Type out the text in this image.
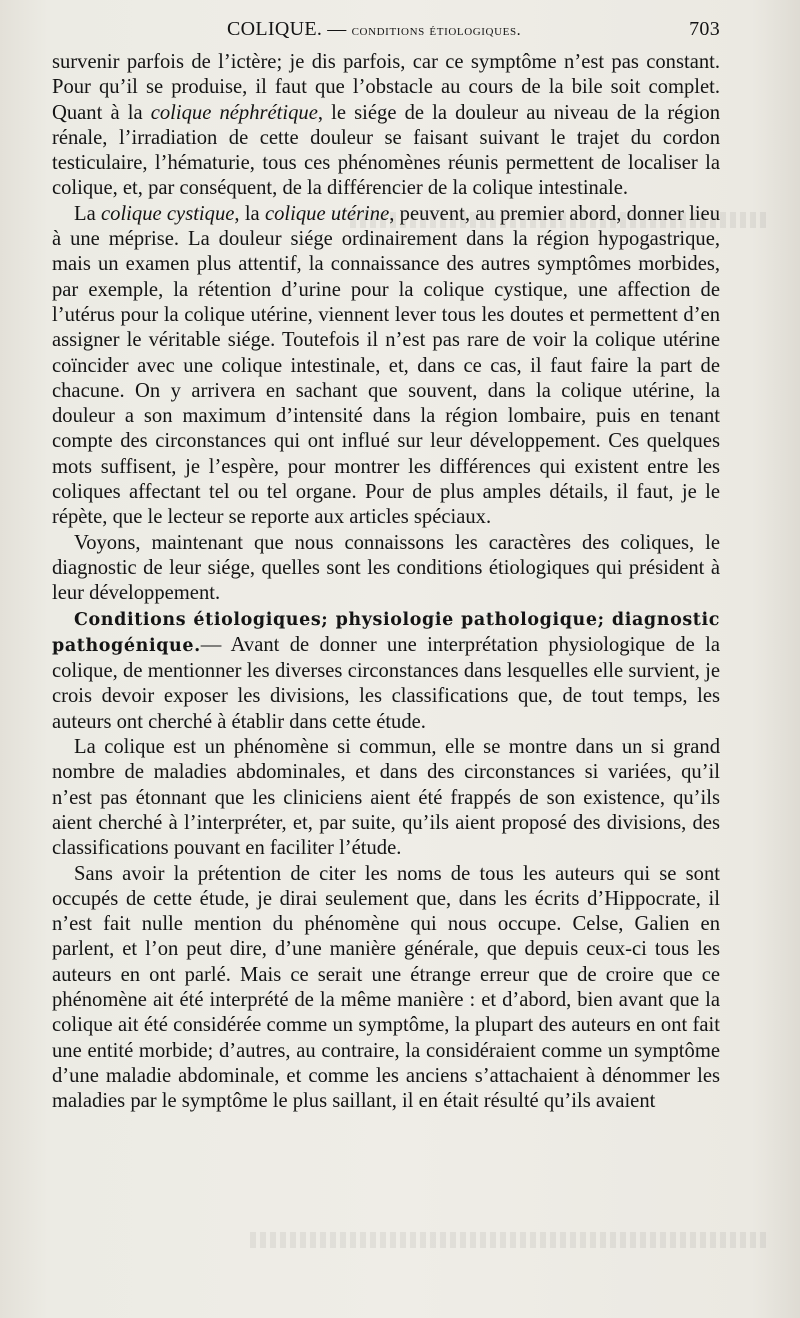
COLIQUE. — conditions étiologiques.	703

survenir parfois de l’ictère; je dis parfois, car ce symptôme n’est pas constant. Pour qu’il se produise, il faut que l’obstacle au cours de la bile soit complet. Quant à la colique néphrétique, le siége de la douleur au niveau de la région rénale, l’irradiation de cette douleur se faisant suivant le trajet du cordon testiculaire, l’hématurie, tous ces phénomènes réunis permettent de localiser la colique, et, par conséquent, de la différencier de la colique intestinale.

La colique cystique, la colique utérine, peuvent, au premier abord, donner lieu à une méprise. La douleur siége ordinairement dans la région hypogastrique, mais un examen plus attentif, la connaissance des autres symptômes morbides, par exemple, la rétention d’urine pour la colique cystique, une affection de l’utérus pour la colique utérine, viennent lever tous les doutes et permettent d’en assigner le véritable siége. Toutefois il n’est pas rare de voir la colique utérine coïncider avec une colique intestinale, et, dans ce cas, il faut faire la part de chacune. On y arrivera en sachant que souvent, dans la colique utérine, la douleur a son maximum d’intensité dans la région lombaire, puis en tenant compte des circonstances qui ont influé sur leur développement. Ces quelques mots suffisent, je l’espère, pour montrer les différences qui existent entre les coliques affectant tel ou tel organe. Pour de plus amples détails, il faut, je le répète, que le lecteur se reporte aux articles spéciaux.

Voyons, maintenant que nous connaissons les caractères des coliques, le diagnostic de leur siége, quelles sont les conditions étiologiques qui président à leur développement.

Conditions étiologiques; physiologie pathologique; diagnostic pathogénique.— Avant de donner une interprétation physiologique de la colique, de mentionner les diverses circonstances dans lesquelles elle survient, je crois devoir exposer les divisions, les classifications que, de tout temps, les auteurs ont cherché à établir dans cette étude.

La colique est un phénomène si commun, elle se montre dans un si grand nombre de maladies abdominales, et dans des circonstances si variées, qu’il n’est pas étonnant que les cliniciens aient été frappés de son existence, qu’ils aient cherché à l’interpréter, et, par suite, qu’ils aient proposé des divisions, des classifications pouvant en faciliter l’étude.

Sans avoir la prétention de citer les noms de tous les auteurs qui se sont occupés de cette étude, je dirai seulement que, dans les écrits d’Hippocrate, il n’est fait nulle mention du phénomène qui nous occupe. Celse, Galien en parlent, et l’on peut dire, d’une manière générale, que depuis ceux-ci tous les auteurs en ont parlé. Mais ce serait une étrange erreur que de croire que ce phénomène ait été interprété de la même manière : et d’abord, bien avant que la colique ait été considérée comme un symptôme, la plupart des auteurs en ont fait une entité morbide; d’autres, au contraire, la considéraient comme un symptôme d’une maladie abdominale, et comme les anciens s’attachaient à dénommer les maladies par le symptôme le plus saillant, il en était résulté qu’ils avaient
